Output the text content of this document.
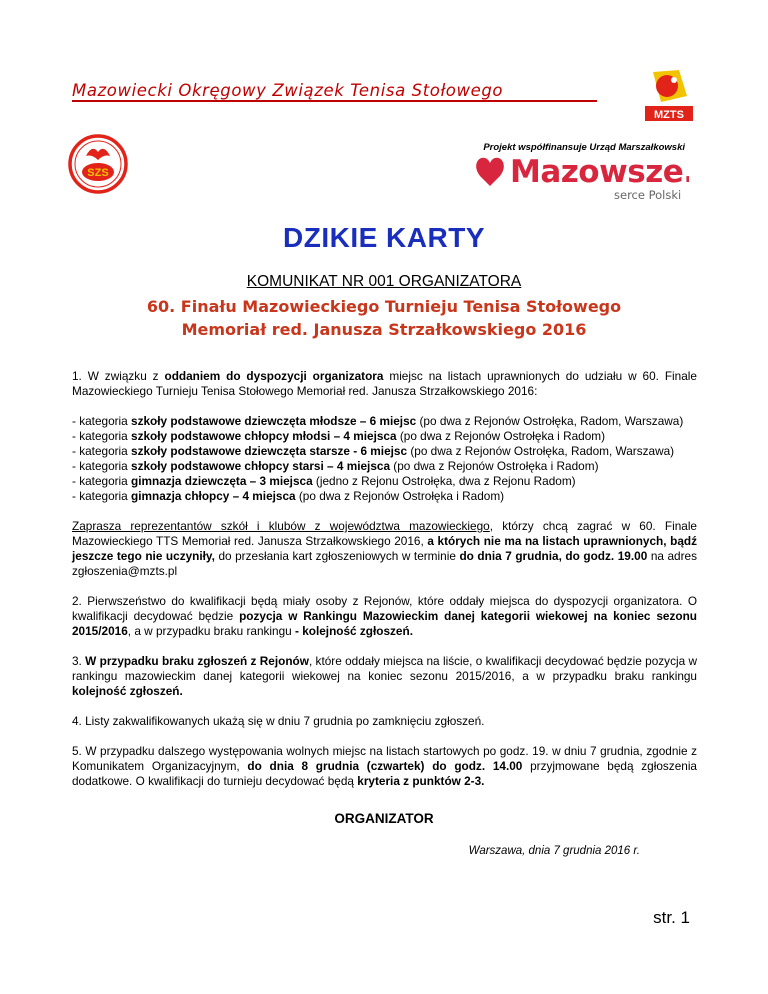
Mazowiecki Okręgowy Związek Tenisa Stołowego
MZTS
Projekt współfinansuje Urząd Marszałkowski
SZS	Mazowsze.
serce Polski
DZIKIE KARTY
KOMUNIKAT NR 001 ORGANIZATORA
60. Finału Mazowieckiego Turnieju Tenisa Stołowego
Memoriał red. Janusza Strzałkowskiego 2016

1. W związku z oddaniem do dyspozycji organizatora miejsc na listach uprawnionych do udziału w 60. Finale Mazowieckiego Turnieju Tenisa Stołowego Memoriał red. Janusza Strzałkowskiego 2016:

- kategoria szkoły podstawowe dziewczęta młodsze – 6 miejsc (po dwa z Rejonów Ostrołęka, Radom, Warszawa)
- kategoria szkoły podstawowe chłopcy młodsi – 4 miejsca (po dwa z Rejonów Ostrołęka i Radom)
- kategoria szkoły podstawowe dziewczęta starsze - 6 miejsc (po dwa z Rejonów Ostrołęka, Radom, Warszawa)
- kategoria szkoły podstawowe chłopcy starsi – 4 miejsca (po dwa z Rejonów Ostrołęka i Radom)
- kategoria gimnazja dziewczęta – 3 miejsca (jedno z Rejonu Ostrołęka, dwa z Rejonu Radom)
- kategoria gimnazja chłopcy – 4 miejsca (po dwa z Rejonów Ostrołęka i Radom)

Zaprasza reprezentantów szkół i klubów z województwa mazowieckiego, którzy chcą zagrać w 60. Finale Mazowieckiego TTS Memoriał red. Janusza Strzałkowskiego 2016, a których nie ma na listach uprawnionych, bądź jeszcze tego nie uczyniły, do przesłania kart zgłoszeniowych w terminie do dnia 7 grudnia, do godz. 19.00 na adres zgłoszenia@mzts.pl

2. Pierwszeństwo do kwalifikacji będą miały osoby z Rejonów, które oddały miejsca do dyspozycji organizatora. O kwalifikacji decydować będzie pozycja w Rankingu Mazowieckim danej kategorii wiekowej na koniec sezonu 2015/2016, a w przypadku braku rankingu - kolejność zgłoszeń.

3. W przypadku braku zgłoszeń z Rejonów, które oddały miejsca na liście, o kwalifikacji decydować będzie pozycja w rankingu mazowieckim danej kategorii wiekowej na koniec sezonu 2015/2016, a w przypadku braku rankingu kolejność zgłoszeń.

4. Listy zakwalifikowanych ukażą się w dniu 7 grudnia po zamknięciu zgłoszeń.

5. W przypadku dalszego występowania wolnych miejsc na listach startowych po godz. 19. w dniu 7 grudnia, zgodnie z Komunikatem Organizacyjnym, do dnia 8 grudnia (czwartek) do godz. 14.00 przyjmowane będą zgłoszenia dodatkowe. O kwalifikacji do turnieju decydować będą kryteria z punktów 2-3.

ORGANIZATOR
Warszawa, dnia 7 grudnia 2016 r.
str. 1
